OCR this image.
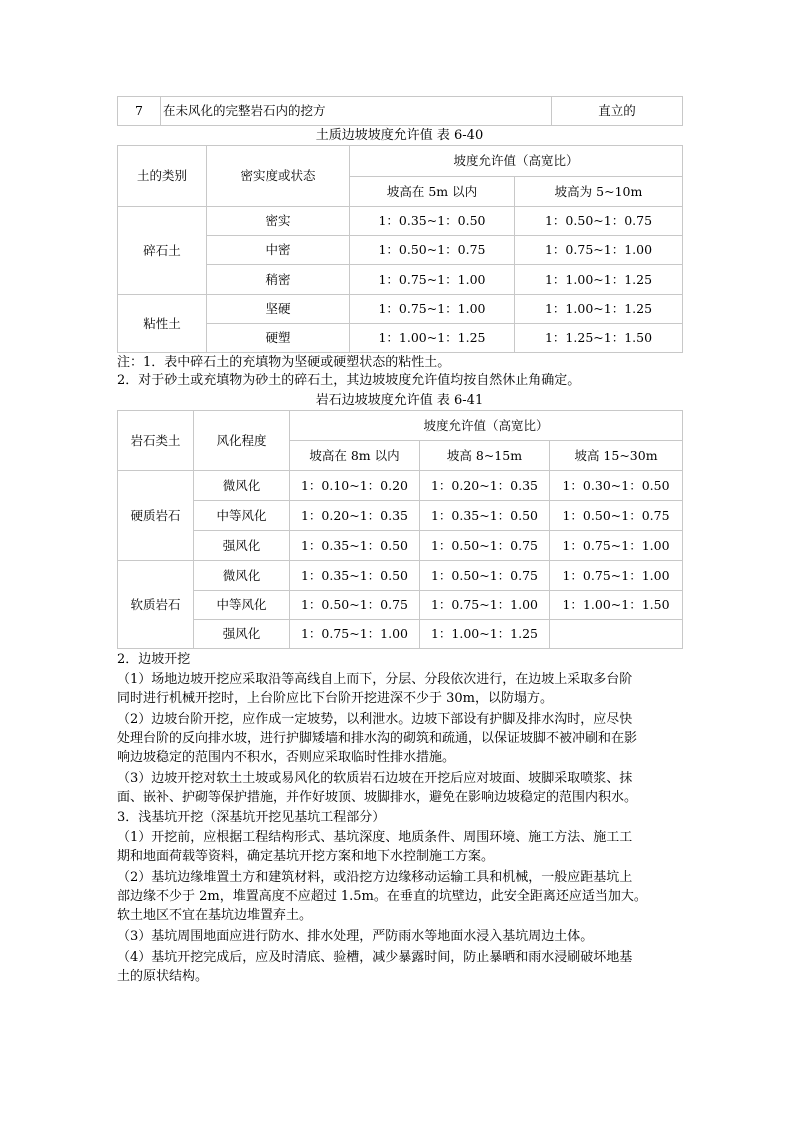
7	在未风化的完整岩石内的挖方	直立的
土质边坡坡度允许值 表 6-40
土的类别	密实度或状态	坡度允许值（高宽比）	
		坡高在 5m 以内	坡高为 5~10m
碎石土	密实	1：0.35~1：0.50	1：0.50~1：0.75
	中密	1：0.50~1：0.75	1：0.75~1：1.00
	稍密	1：0.75~1：1.00	1：1.00~1：1.25
粘性土	坚硬	1：0.75~1：1.00	1：1.00~1：1.25
	硬塑	1：1.00~1：1.25	1：1.25~1：1.50
注：1．表中碎石土的充填物为坚硬或硬塑状态的粘性土。
2．对于砂土或充填物为砂土的碎石土，其边坡坡度允许值均按自然休止角确定。
岩石边坡坡度允许值 表 6-41
岩石类土	风化程度	坡度允许值（高宽比）		
		坡高在 8m 以内	坡高 8~15m	坡高 15~30m
硬质岩石	微风化	1：0.10~1：0.20	1：0.20~1：0.35	1：0.30~1：0.50
	中等风化	1：0.20~1：0.35	1：0.35~1：0.50	1：0.50~1：0.75
	强风化	1：0.35~1：0.50	1：0.50~1：0.75	1：0.75~1：1.00
软质岩石	微风化	1：0.35~1：0.50	1：0.50~1：0.75	1：0.75~1：1.00
	中等风化	1：0.50~1：0.75	1：0.75~1：1.00	1：1.00~1：1.50
	强风化	1：0.75~1：1.00	1：1.00~1：1.25	
2．边坡开挖
（1）场地边坡开挖应采取沿等高线自上而下，分层、分段依次进行，在边坡上采取多台阶
同时进行机械开挖时，上台阶应比下台阶开挖进深不少于 30m，以防塌方。
（2）边坡台阶开挖，应作成一定坡势，以利泄水。边坡下部设有护脚及排水沟时，应尽快
处理台阶的反向排水坡，进行护脚矮墙和排水沟的砌筑和疏通，以保证坡脚不被冲刷和在影
响边坡稳定的范围内不积水，否则应采取临时性排水措施。
（3）边坡开挖对软土土坡或易风化的软质岩石边坡在开挖后应对坡面、坡脚采取喷浆、抹
面、嵌补、护砌等保护措施，并作好坡顶、坡脚排水，避免在影响边坡稳定的范围内积水。
3．浅基坑开挖（深基坑开挖见基坑工程部分）
（1）开挖前，应根据工程结构形式、基坑深度、地质条件、周围环境、施工方法、施工工
期和地面荷载等资料，确定基坑开挖方案和地下水控制施工方案。
（2）基坑边缘堆置土方和建筑材料，或沿挖方边缘移动运输工具和机械，一般应距基坑上
部边缘不少于 2m，堆置高度不应超过 1.5m。在垂直的坑壁边，此安全距离还应适当加大。
软土地区不宜在基坑边堆置弃土。
（3）基坑周围地面应进行防水、排水处理，严防雨水等地面水浸入基坑周边土体。
（4）基坑开挖完成后，应及时清底、验槽，减少暴露时间，防止暴晒和雨水浸刷破坏地基
土的原状结构。
